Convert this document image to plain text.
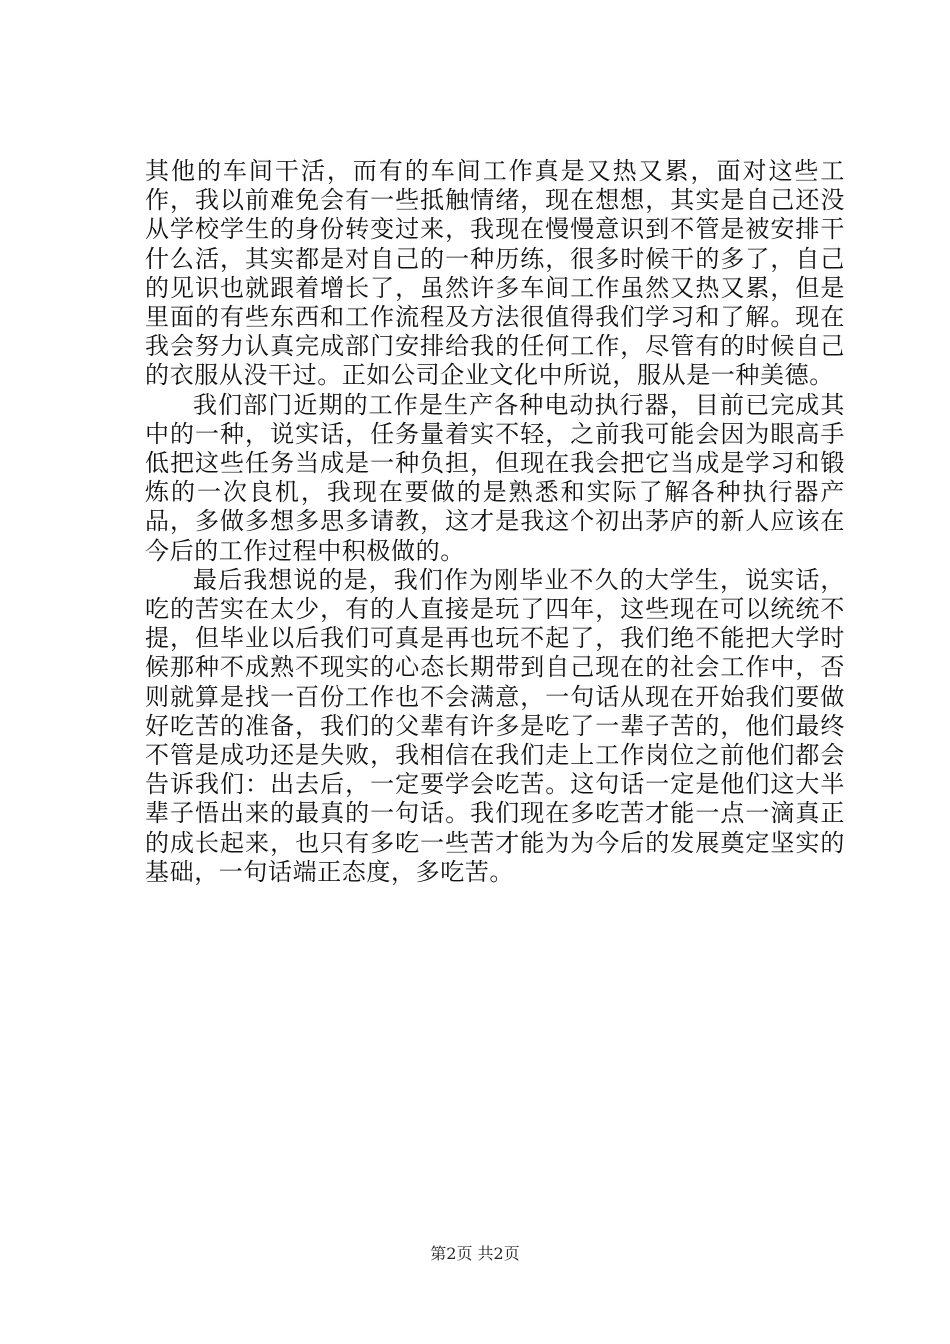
其他的车间干活，而有的车间工作真是又热又累，面对这些工作，我以前难免会有一些抵触情绪，现在想想，其实是自己还没从学校学生的身份转变过来，我现在慢慢意识到不管是被安排干什么活，其实都是对自己的一种历练，很多时候干的多了，自己的见识也就跟着增长了，虽然许多车间工作虽然又热又累，但是里面的有些东西和工作流程及方法很值得我们学习和了解。现在我会努力认真完成部门安排给我的任何工作，尽管有的时候自己的衣服从没干过。正如公司企业文化中所说，服从是一种美德。

我们部门近期的工作是生产各种电动执行器，目前已完成其中的一种，说实话，任务量着实不轻，之前我可能会因为眼高手低把这些任务当成是一种负担，但现在我会把它当成是学习和锻炼的一次良机，我现在要做的是熟悉和实际了解各种执行器产品，多做多想多思多请教，这才是我这个初出茅庐的新人应该在今后的工作过程中积极做的。

最后我想说的是，我们作为刚毕业不久的大学生，说实话，吃的苦实在太少，有的人直接是玩了四年，这些现在可以统统不提，但毕业以后我们可真是再也玩不起了，我们绝不能把大学时候那种不成熟不现实的心态长期带到自己现在的社会工作中，否则就算是找一百份工作也不会满意，一句话从现在开始我们要做好吃苦的准备，我们的父辈有许多是吃了一辈子苦的，他们最终不管是成功还是失败，我相信在我们走上工作岗位之前他们都会告诉我们：出去后，一定要学会吃苦。这句话一定是他们这大半辈子悟出来的最真的一句话。我们现在多吃苦才能一点一滴真正的成长起来，也只有多吃一些苦才能为为今后的发展奠定坚实的基础，一句话端正态度，多吃苦。

第2页 共2页
